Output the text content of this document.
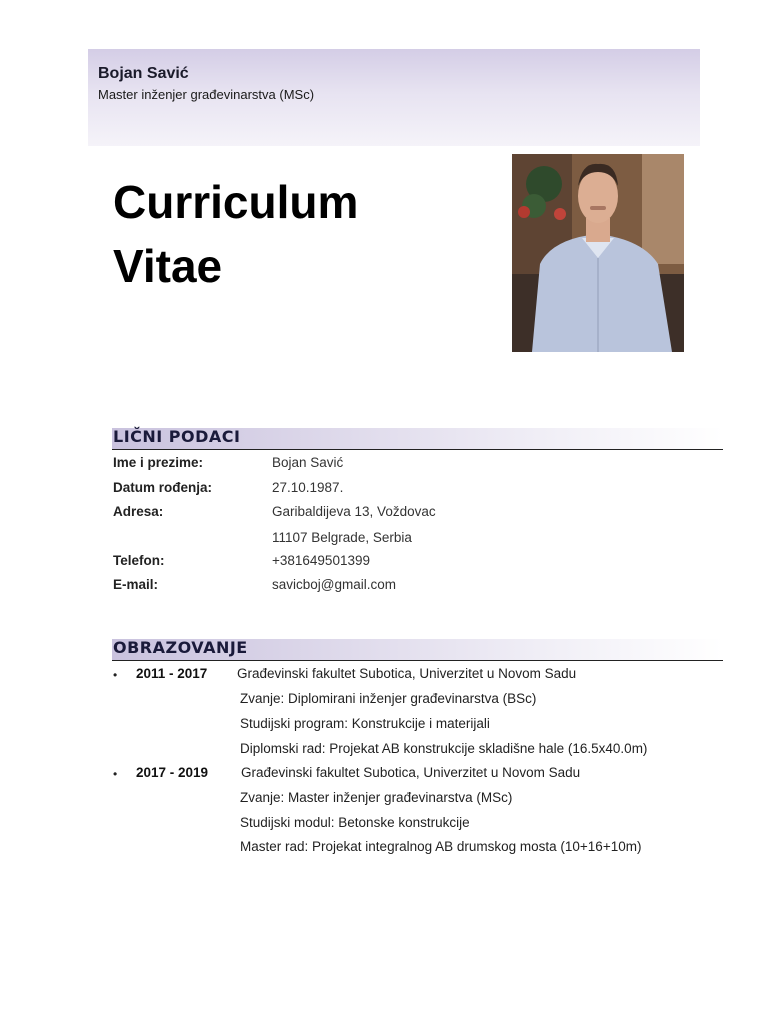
Bojan Savić
Master inženjer građevinarstva (MSc)
Curriculum
Vitae
LIČNI PODACI
Ime i prezime:	Bojan Savić
Datum rođenja:	27.10.1987.
Adresa:	Garibaldijeva 13, Voždovac
11107 Belgrade, Serbia
Telefon:	+381649501399
E-mail:	savicboj@gmail.com
OBRAZOVANJE
• 2011 - 2017 Građevinski fakultet Subotica, Univerzitet u Novom Sadu
Zvanje: Diplomirani inženjer građevinarstva (BSc)
Studijski program: Konstrukcije i materijali
Diplomski rad: Projekat AB konstrukcije skladišne hale (16.5x40.0m)
• 2017 - 2019 Građevinski fakultet Subotica, Univerzitet u Novom Sadu
Zvanje: Master inženjer građevinarstva (MSc)
Studijski modul: Betonske konstrukcije
Master rad: Projekat integralnog AB drumskog mosta (10+16+10m)
